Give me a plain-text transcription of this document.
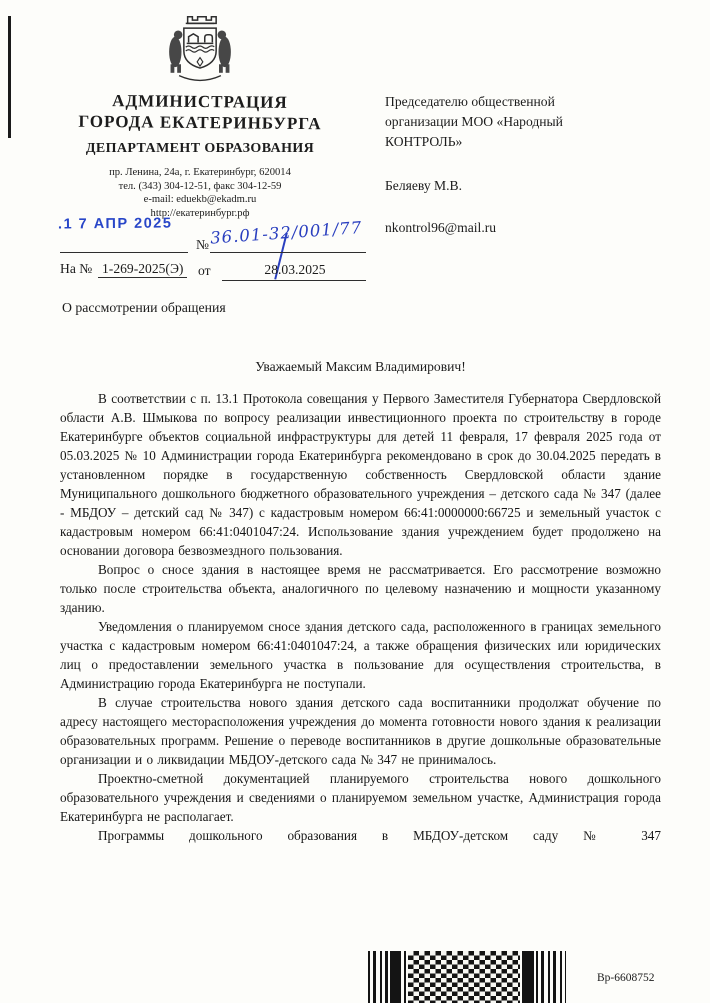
АДМИНИСТРАЦИЯ
ГОРОДА ЕКАТЕРИНБУРГА
ДЕПАРТАМЕНТ ОБРАЗОВАНИЯ
пр. Ленина, 24а, г. Екатеринбург, 620014
тел. (343) 304-12-51, факс 304-12-59
e-mail: eduekb@ekadm.ru
http://екатеринбург.рф
Председателю общественной
организации МОО «Народный
КОНТРОЛЬ»
Беляеву М.В.
nkontrol96@mail.ru
.1 7 АПР 2025
№ 36.01-32/001/77
На № 1-269-2025(Э) от	28.03.2025
О рассмотрении обращения
Уважаемый Максим Владимирович!

В соответствии с п. 13.1 Протокола совещания у Первого Заместителя Губернатора Свердловской области А.В. Шмыкова по вопросу реализации инвестиционного проекта по строительству в городе Екатеринбурге объектов социальной инфраструктуры для детей 11 февраля, 17 февраля 2025 года от 05.03.2025 № 10 Администрации города Екатеринбурга рекомендовано в срок до 30.04.2025 передать в установленном порядке в государственную собственность Свердловской области здание Муниципального дошкольного бюджетного образовательного учреждения – детского сада № 347 (далее - МБДОУ – детский сад № 347) с кадастровым номером 66:41:0000000:66725 и земельный участок с кадастровым номером 66:41:0401047:24. Использование здания учреждением будет продолжено на основании договора безвозмездного пользования.

Вопрос о сносе здания в настоящее время не рассматривается. Его рассмотрение возможно только после строительства объекта, аналогичного по целевому назначению и мощности указанному зданию.

Уведомления о планируемом сносе здания детского сада, расположенного в границах земельного участка с кадастровым номером 66:41:0401047:24, а также обращения физических или юридических лиц о предоставлении земельного участка в пользование для осуществления строительства, в Администрацию города Екатеринбурга не поступали.

В случае строительства нового здания детского сада воспитанники продолжат обучение по адресу настоящего месторасположения учреждения до момента готовности нового здания к реализации образовательных программ. Решение о переводе воспитанников в другие дошкольные образовательные организации и о ликвидации МБДОУ-детского сада № 347 не принималось.

Проектно-сметной документацией планируемого строительства нового дошкольного образовательного учреждения и сведениями о планируемом земельном участке, Администрация города Екатеринбурга не располагает.

Программы дошкольного образования в МБДОУ-детском саду № 347

Вр-6608752
